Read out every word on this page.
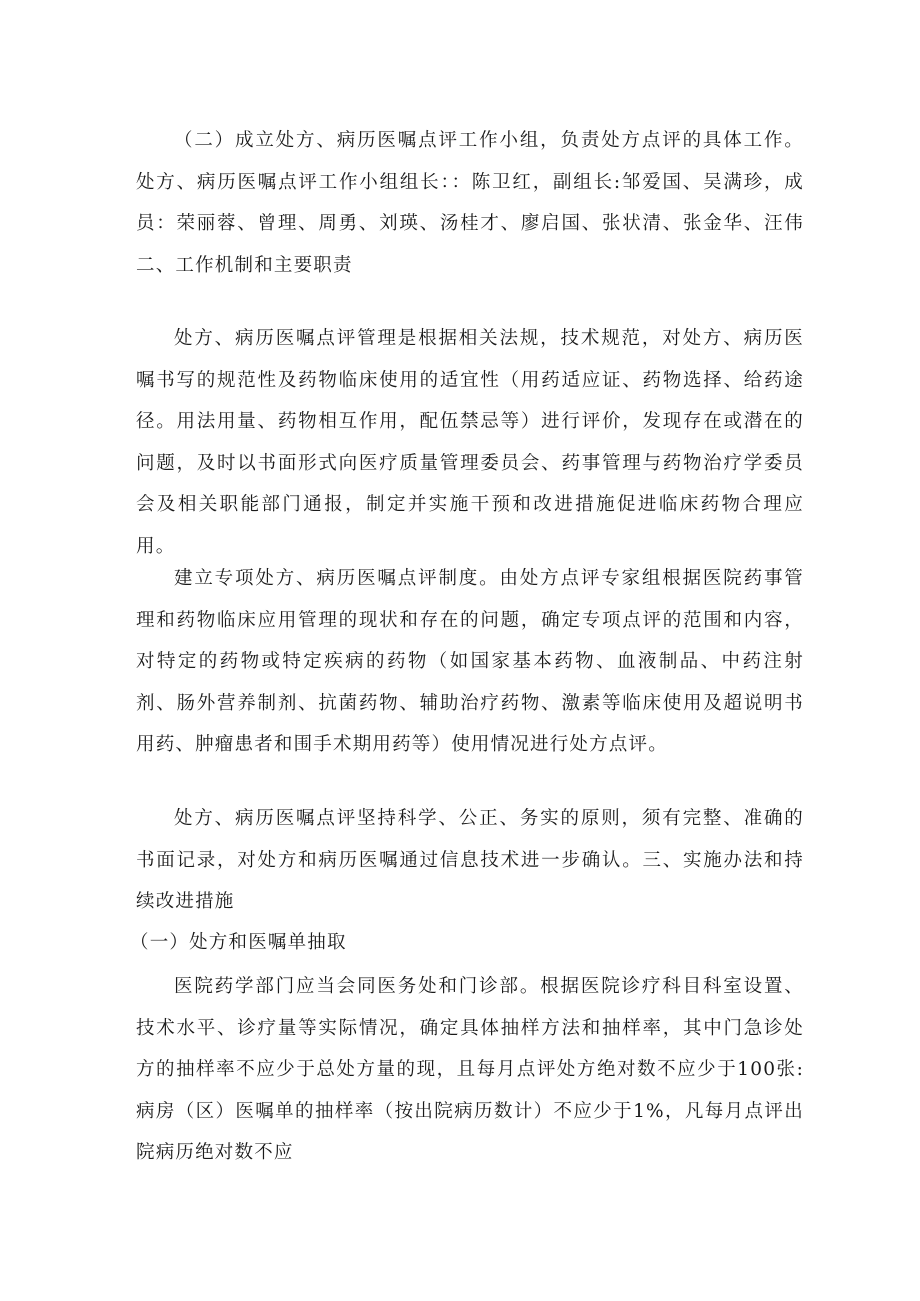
（二）成立处方、病历医嘱点评工作小组，负责处方点评的具体工作。处方、病历医嘱点评工作小组组长：：陈卫红，副组长:邹爱国、吴满珍，成员：荣丽蓉、曾理、周勇、刘瑛、汤桂才、廖启国、张状清、张金华、汪伟二、工作机制和主要职责

处方、病历医嘱点评管理是根据相关法规，技术规范，对处方、病历医嘱书写的规范性及药物临床使用的适宜性（用药适应证、药物选择、给药途径。用法用量、药物相互作用，配伍禁忌等）进行评价，发现存在或潜在的问题，及时以书面形式向医疗质量管理委员会、药事管理与药物治疗学委员会及相关职能部门通报，制定并实施干预和改进措施促进临床药物合理应用。

建立专项处方、病历医嘱点评制度。由处方点评专家组根据医院药事管理和药物临床应用管理的现状和存在的问题，确定专项点评的范围和内容，对特定的药物或特定疾病的药物（如国家基本药物、血液制品、中药注射剂、肠外营养制剂、抗菌药物、辅助治疗药物、激素等临床使用及超说明书用药、肿瘤患者和围手术期用药等）使用情况进行处方点评。

处方、病历医嘱点评坚持科学、公正、务实的原则，须有完整、准确的书面记录，对处方和病历医嘱通过信息技术进一步确认。三、实施办法和持续改进措施

（一）处方和医嘱单抽取

医院药学部门应当会同医务处和门诊部。根据医院诊疗科目科室设置、技术水平、诊疗量等实际情况，确定具体抽样方法和抽样率，其中门急诊处方的抽样率不应少于总处方量的现，且每月点评处方绝对数不应少于100张:病房（区）医嘱单的抽样率（按出院病历数计）不应少于1%，凡每月点评出院病历绝对数不应
